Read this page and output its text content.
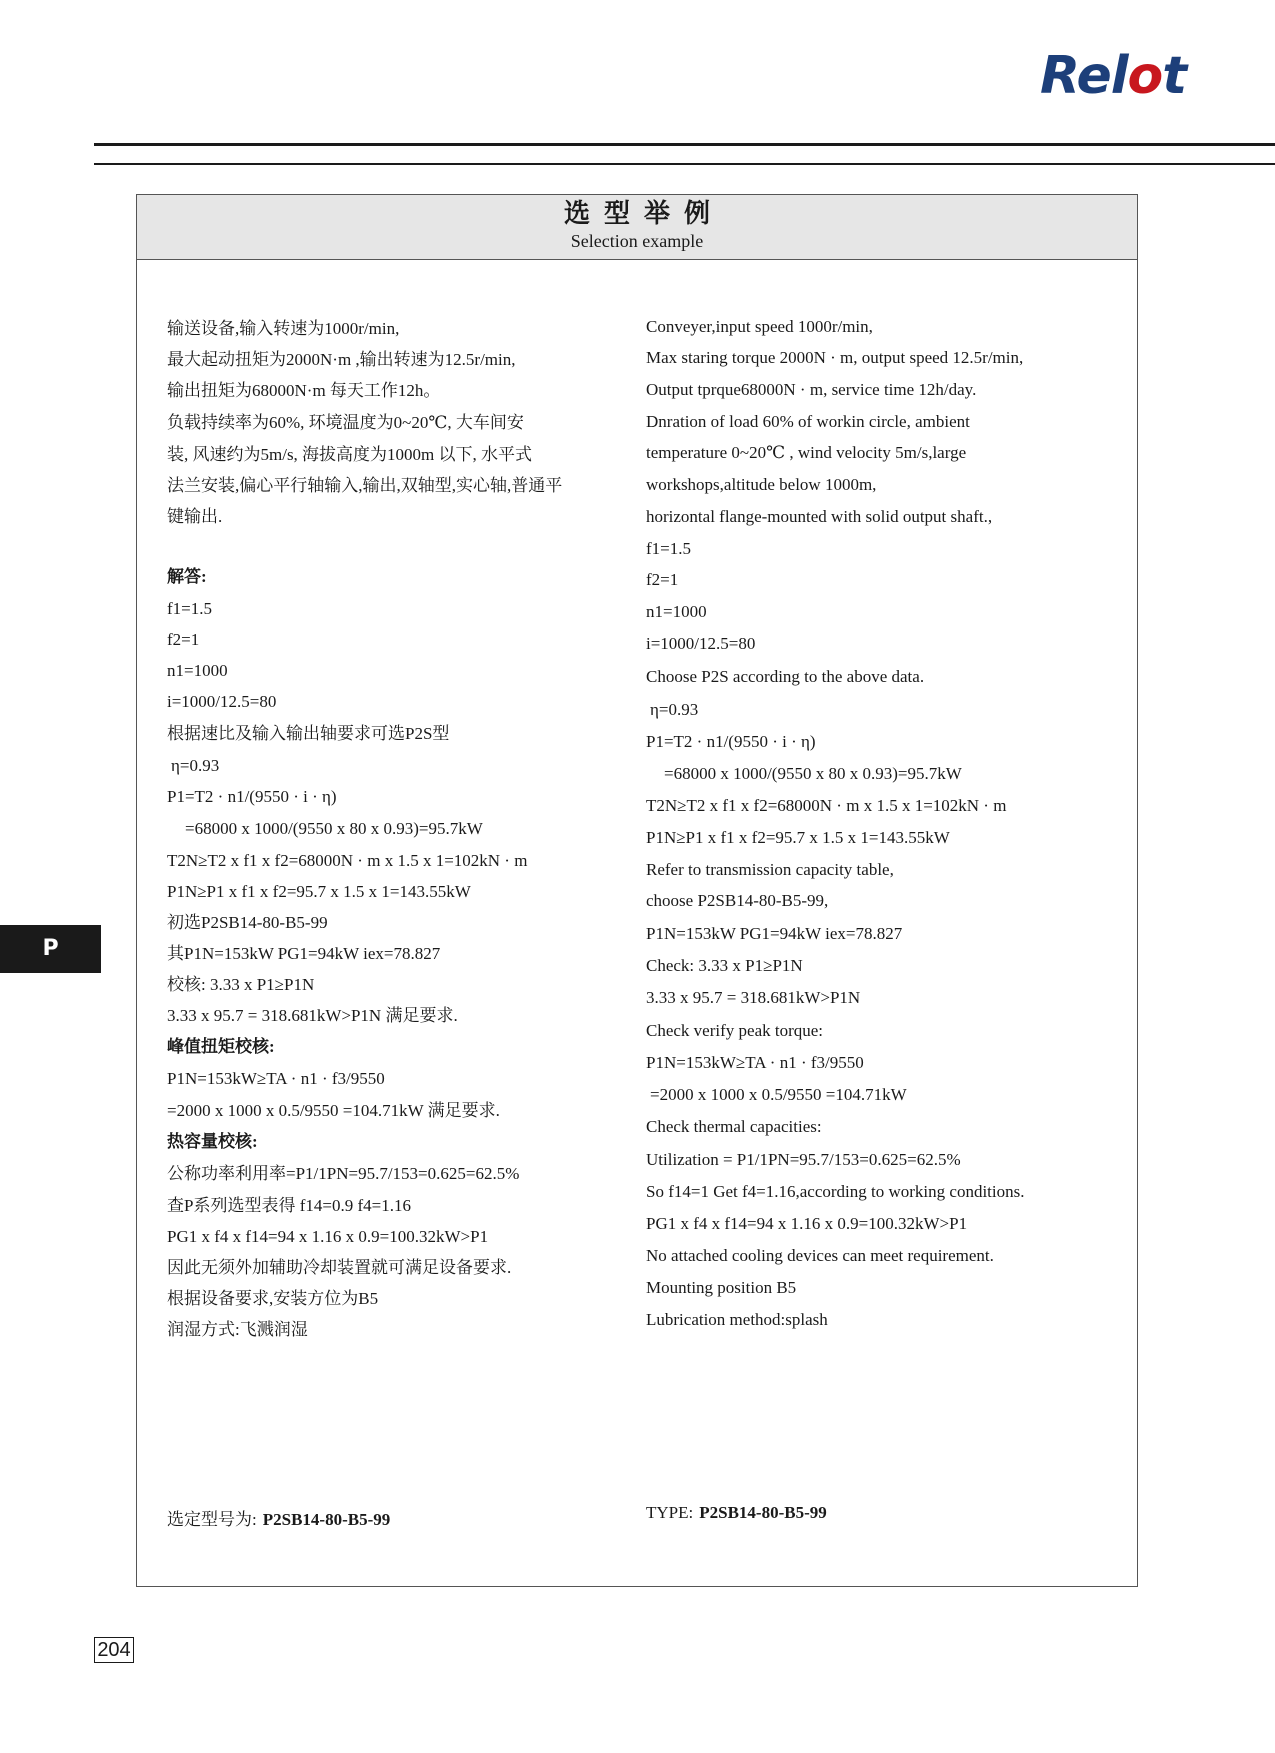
Relot
选型举例
Selection example
输送设备,输入转速为1000r/min,
最大起动扭矩为2000N·m ,输出转速为12.5r/min,
输出扭矩为68000N·m 每天工作12h。
负载持续率为60%, 环境温度为0~20℃, 大车间安
装, 风速约为5m/s, 海拔高度为1000m 以下, 水平式
法兰安装,偏心平行轴输入,输出,双轴型,实心轴,普通平
键输出.
解答:
f1=1.5
f2=1
n1=1000
i=1000/12.5=80
根据速比及输入输出轴要求可选P2S型
η=0.93
P1=T2 · n1/(9550 · i · η)
=68000 x 1000/(9550 x 80 x 0.93)=95.7kW
T2N≥T2 x f1 x f2=68000N · m x 1.5 x 1=102kN · m
P1N≥P1 x f1 x f2=95.7 x 1.5 x 1=143.55kW
初选P2SB14-80-B5-99
其P1N=153kW PG1=94kW iex=78.827
校核: 3.33 x P1≥P1N
3.33 x 95.7 = 318.681kW>P1N 满足要求.
峰值扭矩校核:
P1N=153kW≥TA · n1 · f3/9550
=2000 x 1000 x 0.5/9550 =104.71kW 满足要求.
热容量校核:
公称功率利用率=P1/1PN=95.7/153=0.625=62.5%
查P系列选型表得 f14=0.9 f4=1.16
PG1 x f4 x f14=94 x 1.16 x 0.9=100.32kW>P1
因此无须外加辅助冷却装置就可满足设备要求.
根据设备要求,安装方位为B5
润湿方式:飞溅润湿
Conveyer,input speed 1000r/min,
Max staring torque 2000N · m, output speed 12.5r/min,
Output tprque68000N · m, service time 12h/day.
Dnration of load 60% of workin circle, ambient
temperature 0~20℃ , wind velocity 5m/s,large
workshops,altitude below 1000m,
horizontal flange-mounted with solid output shaft.,
f1=1.5
f2=1
n1=1000
i=1000/12.5=80
Choose P2S according to the above data.
η=0.93
P1=T2 · n1/(9550 · i · η)
=68000 x 1000/(9550 x 80 x 0.93)=95.7kW
T2N≥T2 x f1 x f2=68000N · m x 1.5 x 1=102kN · m
P1N≥P1 x f1 x f2=95.7 x 1.5 x 1=143.55kW
Refer to transmission capacity table,
choose P2SB14-80-B5-99,
P1N=153kW PG1=94kW iex=78.827
Check: 3.33 x P1≥P1N
3.33 x 95.7 = 318.681kW>P1N
Check verify peak torque:
P1N=153kW≥TA · n1 · f3/9550
=2000 x 1000 x 0.5/9550 =104.71kW
Check thermal capacities:
Utilization = P1/1PN=95.7/153=0.625=62.5%
So f14=1 Get f4=1.16,according to working conditions.
PG1 x f4 x f14=94 x 1.16 x 0.9=100.32kW>P1
No attached cooling devices can meet requirement.
Mounting position B5
Lubrication method:splash
选定型号为: P2SB14-80-B5-99	TYPE: P2SB14-80-B5-99
P
204
